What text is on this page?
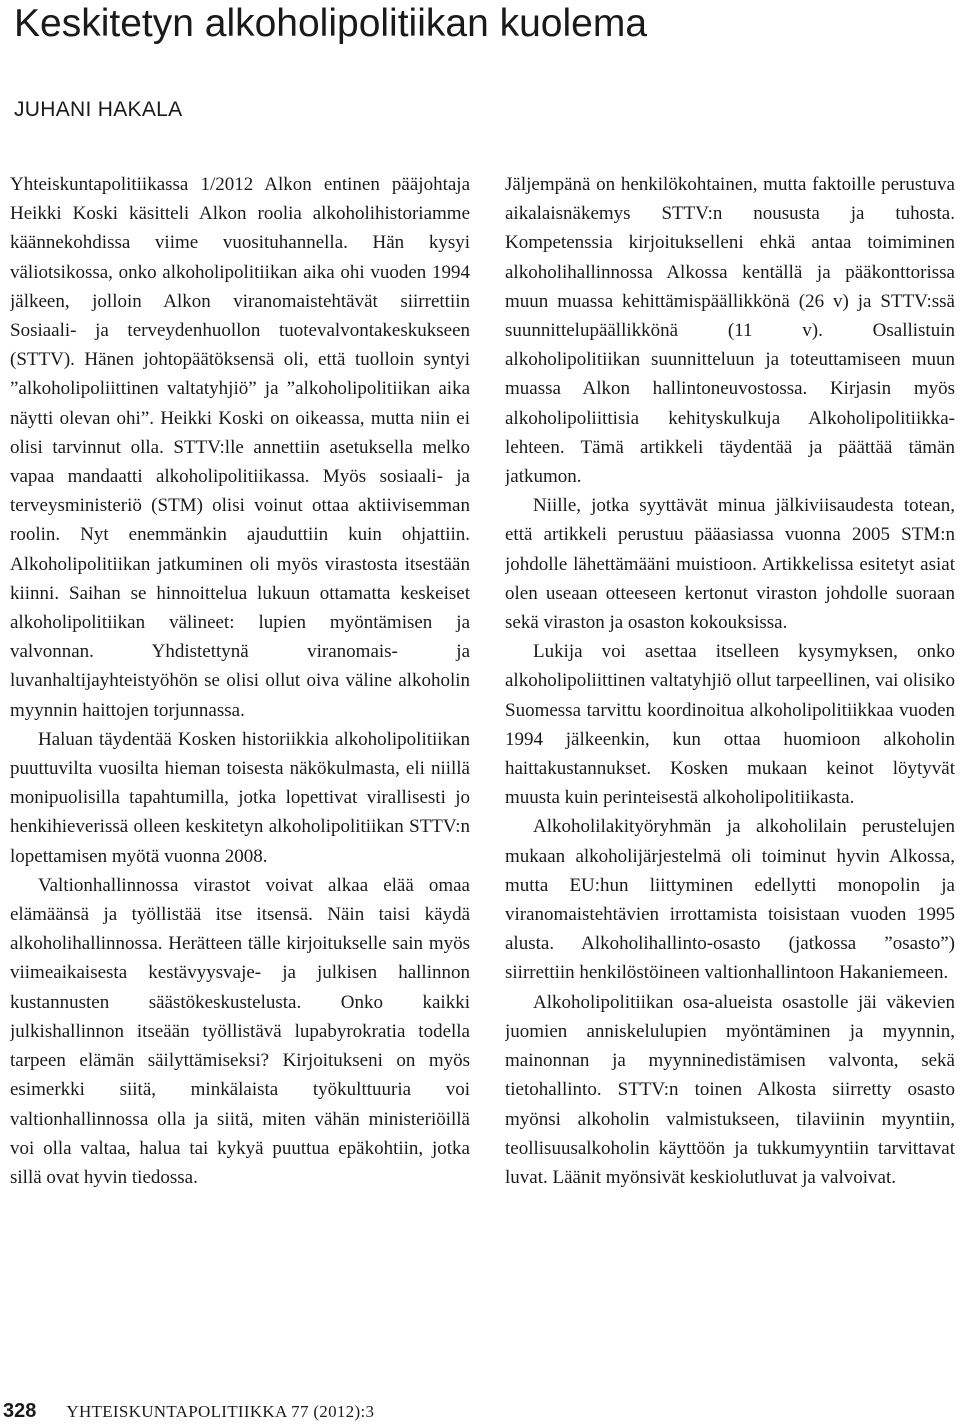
Keskitetyn alkoholipolitiikan kuolema
JUHANI HAKALA

Yhteiskuntapolitiikassa 1/2012 Alkon entinen pääjohtaja Heikki Koski käsitteli Alkon roolia alkoholihistoriamme käännekohdissa viime vuosituhannella. Hän kysyi väliotsikossa, onko alkoholipolitiikan aika ohi vuoden 1994 jälkeen, jolloin Alkon viranomaistehtävät siirrettiin Sosiaali- ja terveydenhuollon tuotevalvontakeskukseen (STTV). Hänen johtopäätöksensä oli, että tuolloin syntyi ”alkoholipoliittinen valtatyhjiö” ja ”alkoholipolitiikan aika näytti olevan ohi”. Heikki Koski on oikeassa, mutta niin ei olisi tarvinnut olla. STTV:lle annettiin asetuksella melko vapaa mandaatti alkoholipolitiikassa. Myös sosiaali- ja terveysministeriö (STM) olisi voinut ottaa aktiivisemman roolin. Nyt enemmänkin ajauduttiin kuin ohjattiin. Alkoholipolitiikan jatkuminen oli myös virastosta itsestään kiinni. Saihan se hinnoittelua lukuun ottamatta keskeiset alkoholipolitiikan välineet: lupien myöntämisen ja valvonnan. Yhdistettynä viranomais- ja luvanhaltijayhteistyöhön se olisi ollut oiva väline alkoholin myynnin haittojen torjunnassa.

Haluan täydentää Kosken historiikkia alkoholipolitiikan puuttuvilta vuosilta hieman toisesta näkökulmasta, eli niillä monipuolisilla tapahtumilla, jotka lopettivat virallisesti jo henkihieverissä olleen keskitetyn alkoholipolitiikan STTV:n lopettamisen myötä vuonna 2008.

Valtionhallinnossa virastot voivat alkaa elää omaa elämäänsä ja työllistää itse itsensä. Näin taisi käydä alkoholihallinnossa. Herätteen tälle kirjoitukselle sain myös viimeaikaisesta kestävyysvaje- ja julkisen hallinnon kustannusten säästökeskustelusta. Onko kaikki julkishallinnon itseään työllistävä lupabyrokratia todella tarpeen elämän säilyttämiseksi? Kirjoitukseni on myös esimerkki siitä, minkälaista työkulttuuria voi valtionhallinnossa olla ja siitä, miten vähän ministeriöillä voi olla valtaa, halua tai kykyä puuttua epäkohtiin, jotka sillä ovat hyvin tiedossa.

Jäljempänä on henkilökohtainen, mutta faktoille perustuva aikalaisnäkemys STTV:n noususta ja tuhosta. Kompetenssia kirjoitukselleni ehkä antaa toimiminen alkoholihallinnossa Alkossa kentällä ja pääkonttorissa muun muassa kehittämispäällikkönä (26 v) ja STTV:ssä suunnittelupäällikkönä (11 v). Osallistuin alkoholipolitiikan suunnitteluun ja toteuttamiseen muun muassa Alkon hallintoneuvostossa. Kirjasin myös alkoholipoliittisia kehityskulkuja Alkoholipolitiikka-lehteen. Tämä artikkeli täydentää ja päättää tämän jatkumon.

Niille, jotka syyttävät minua jälkiviisaudesta totean, että artikkeli perustuu pääasiassa vuonna 2005 STM:n johdolle lähettämääni muistioon. Artikkelissa esitetyt asiat olen useaan otteeseen kertonut viraston johdolle suoraan sekä viraston ja osaston kokouksissa.

Lukija voi asettaa itselleen kysymyksen, onko alkoholipoliittinen valtatyhjiö ollut tarpeellinen, vai olisiko Suomessa tarvittu koordinoitua alkoholipolitiikkaa vuoden 1994 jälkeenkin, kun ottaa huomioon alkoholin haittakustannukset. Kosken mukaan keinot löytyvät muusta kuin perinteisestä alkoholipolitiikasta.

Alkoholilakityöryhmän ja alkoholilain perustelujen mukaan alkoholijärjestelmä oli toiminut hyvin Alkossa, mutta EU:hun liittyminen edellytti monopolin ja viranomaistehtävien irrottamista toisistaan vuoden 1995 alusta. Alkoholihallinto-osasto (jatkossa ”osasto”) siirrettiin henkilöstöineen valtionhallintoon Hakaniemeen.

Alkoholipolitiikan osa-alueista osastolle jäi väkevien juomien anniskelulupien myöntäminen ja myynnin, mainonnan ja myynninedistämisen valvonta, sekä tietohallinto. STTV:n toinen Alkosta siirretty osasto myönsi alkoholin valmistukseen, tilaviinin myyntiin, teollisuusalkoholin käyttöön ja tukkumyyntiin tarvittavat luvat. Läänit myönsivät keskiolutluvat ja valvoivat.

328 YHTEISKUNTAPOLITIIKKA 77 (2012):3
